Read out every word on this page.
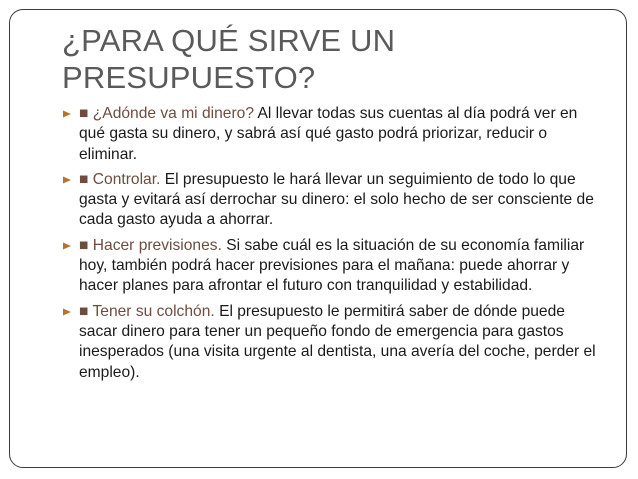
¿PARA QUÉ SIRVE UN PRESUPUESTO?
■ ¿Adónde va mi dinero? Al llevar todas sus cuentas al día podrá ver en qué gasta su dinero, y sabrá así qué gasto podrá priorizar, reducir o eliminar.
■ Controlar. El presupuesto le hará llevar un seguimiento de todo lo que gasta y evitará así derrochar su dinero: el solo hecho de ser consciente de cada gasto ayuda a ahorrar.
■ Hacer previsiones. Si sabe cuál es la situación de su economía familiar hoy, también podrá hacer previsiones para el mañana: puede ahorrar y hacer planes para afrontar el futuro con tranquilidad y estabilidad.
■ Tener su colchón. El presupuesto le permitirá saber de dónde puede sacar dinero para tener un pequeño fondo de emergencia para gastos inesperados (una visita urgente al dentista, una avería del coche, perder el empleo).
